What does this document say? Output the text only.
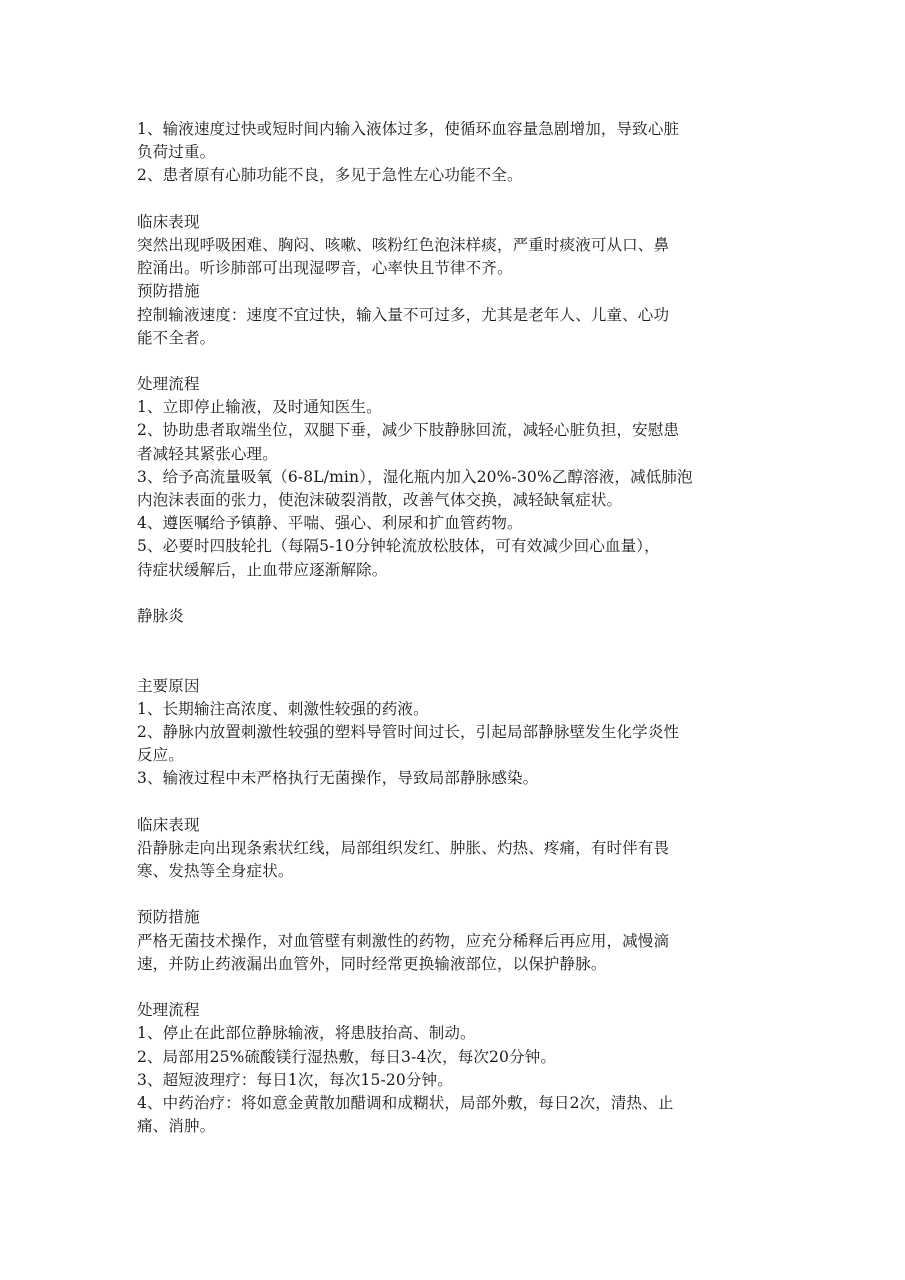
1、输液速度过快或短时间内输入液体过多，使循环血容量急剧增加，导致心脏
负荷过重。
2、患者原有心肺功能不良，多见于急性左心功能不全。
临床表现
突然出现呼吸困难、胸闷、咳嗽、咳粉红色泡沫样痰，严重时痰液可从口、鼻
腔涌出。听诊肺部可出现湿啰音，心率快且节律不齐。
预防措施
控制输液速度：速度不宜过快，输入量不可过多，尤其是老年人、儿童、心功
能不全者。
处理流程
1、立即停止输液，及时通知医生。
2、协助患者取端坐位，双腿下垂，减少下肢静脉回流，减轻心脏负担，安慰患
者减轻其紧张心理。
3、给予高流量吸氧（6-8L/min），湿化瓶内加入20%-30%乙醇溶液，减低肺泡
内泡沫表面的张力，使泡沫破裂消散，改善气体交换，减轻缺氧症状。
4、遵医嘱给予镇静、平喘、强心、利尿和扩血管药物。
5、必要时四肢轮扎（每隔5-10分钟轮流放松肢体，可有效减少回心血量），
待症状缓解后，止血带应逐渐解除。
静脉炎
主要原因
1、长期输注高浓度、刺激性较强的药液。
2、静脉内放置刺激性较强的塑料导管时间过长，引起局部静脉壁发生化学炎性
反应。
3、输液过程中未严格执行无菌操作，导致局部静脉感染。
临床表现
沿静脉走向出现条索状红线，局部组织发红、肿胀、灼热、疼痛，有时伴有畏
寒、发热等全身症状。
预防措施
严格无菌技术操作，对血管壁有刺激性的药物，应充分稀释后再应用，减慢滴
速，并防止药液漏出血管外，同时经常更换输液部位，以保护静脉。
处理流程
1、停止在此部位静脉输液，将患肢抬高、制动。
2、局部用25%硫酸镁行湿热敷，每日3-4次，每次20分钟。
3、超短波理疗：每日1次，每次15-20分钟。
4、中药治疗：将如意金黄散加醋调和成糊状，局部外敷，每日2次，清热、止
痛、消肿。
